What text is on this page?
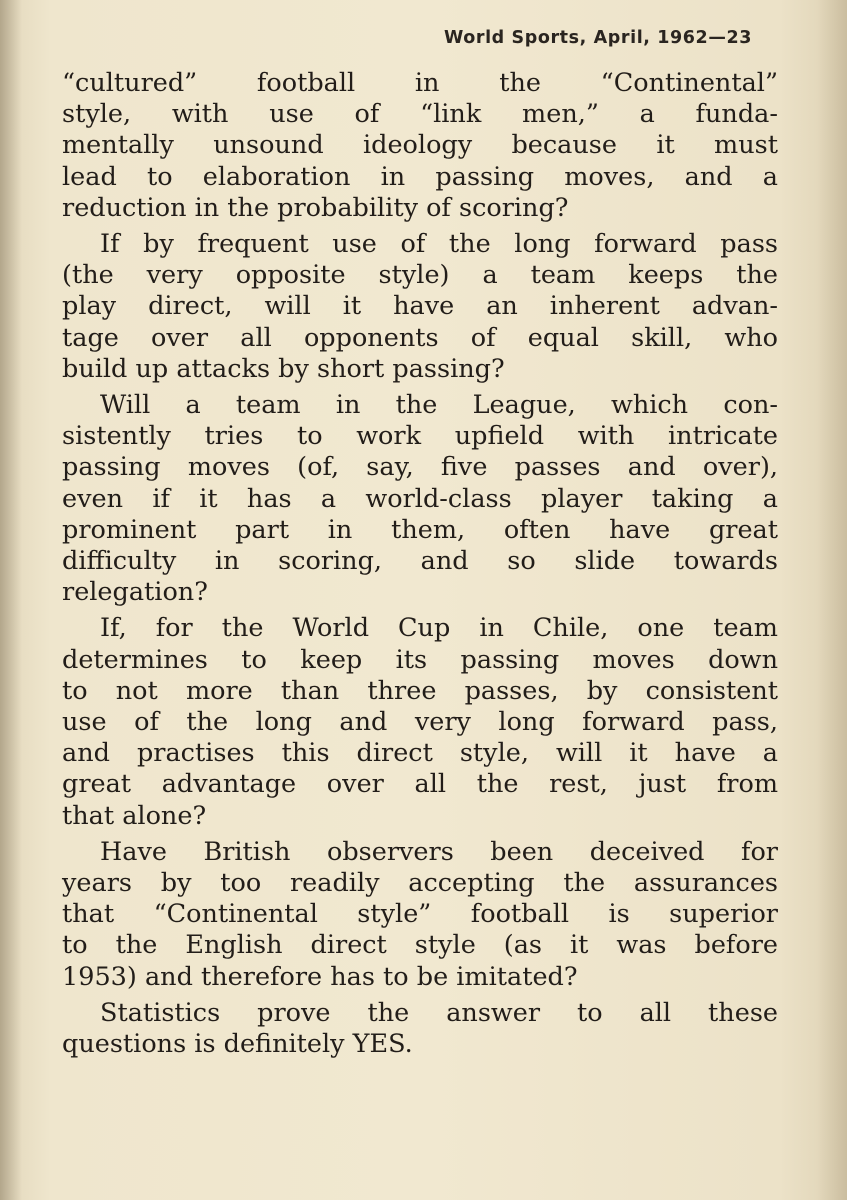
World Sports, April, 1962—23
“cultured” football in the “Continental”
style, with use of “link men,” a funda-
mentally unsound ideology because it must
lead to elaboration in passing moves, and a
reduction in the probability of scoring?
If by frequent use of the long forward pass
(the very opposite style) a team keeps the
play direct, will it have an inherent advan-
tage over all opponents of equal skill, who
build up attacks by short passing?
Will a team in the League, which con-
sistently tries to work upfield with intricate
passing moves (of, say, five passes and over),
even if it has a world-class player taking a
prominent part in them, often have great
difficulty in scoring, and so slide towards
relegation?
If, for the World Cup in Chile, one team
determines to keep its passing moves down
to not more than three passes, by consistent
use of the long and very long forward pass,
and practises this direct style, will it have a
great advantage over all the rest, just from
that alone?
Have British observers been deceived for
years by too readily accepting the assurances
that “Continental style” football is superior
to the English direct style (as it was before
1953) and therefore has to be imitated?
Statistics prove the answer to all these
questions is definitely YES.
